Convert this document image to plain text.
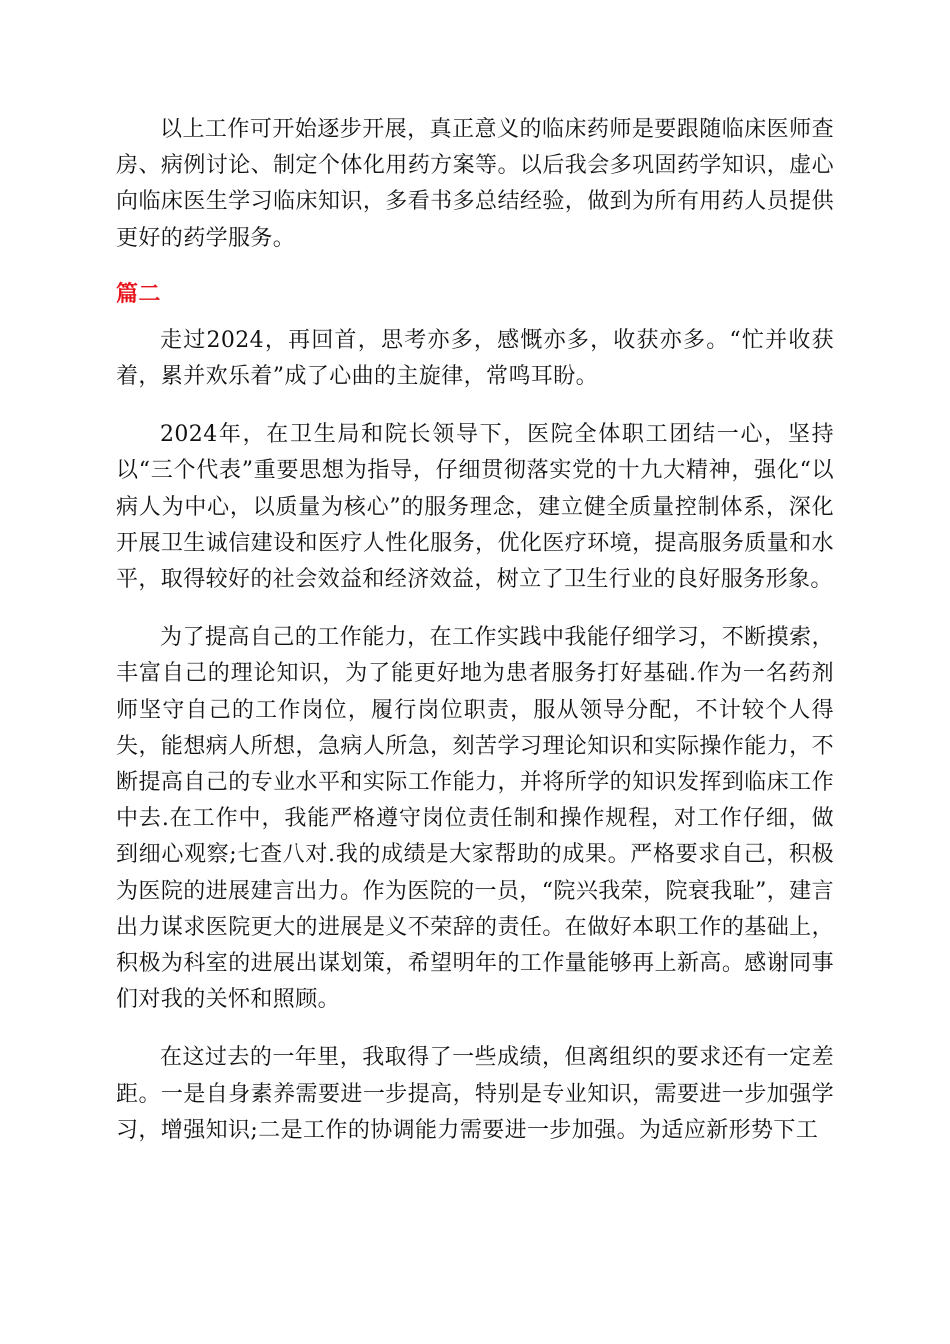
以上工作可开始逐步开展，真正意义的临床药师是要跟随临床医师查房、病例讨论、制定个体化用药方案等。以后我会多巩固药学知识，虚心向临床医生学习临床知识，多看书多总结经验，做到为所有用药人员提供更好的药学服务。

篇二

走过2024，再回首，思考亦多，感慨亦多，收获亦多。“忙并收获着，累并欢乐着”成了心曲的主旋律，常鸣耳盼。

2024年，在卫生局和院长领导下，医院全体职工团结一心，坚持以“三个代表”重要思想为指导，仔细贯彻落实党的十九大精神，强化“以病人为中心，以质量为核心”的服务理念，建立健全质量控制体系，深化开展卫生诚信建设和医疗人性化服务，优化医疗环境，提高服务质量和水平，取得较好的社会效益和经济效益，树立了卫生行业的良好服务形象。

为了提高自己的工作能力，在工作实践中我能仔细学习，不断摸索，丰富自己的理论知识，为了能更好地为患者服务打好基础.作为一名药剂师坚守自己的工作岗位，履行岗位职责，服从领导分配，不计较个人得失，能想病人所想，急病人所急，刻苦学习理论知识和实际操作能力，不断提高自己的专业水平和实际工作能力，并将所学的知识发挥到临床工作中去.在工作中，我能严格遵守岗位责任制和操作规程，对工作仔细，做到细心观察;七查八对.我的成绩是大家帮助的成果。严格要求自己，积极为医院的进展建言出力。作为医院的一员，“院兴我荣，院衰我耻”，建言出力谋求医院更大的进展是义不荣辞的责任。在做好本职工作的基础上，积极为科室的进展出谋划策，希望明年的工作量能够再上新高。感谢同事们对我的关怀和照顾。

在这过去的一年里，我取得了一些成绩，但离组织的要求还有一定差距。一是自身素养需要进一步提高，特别是专业知识，需要进一步加强学习，增强知识;二是工作的协调能力需要进一步加强。为适应新形势下工
